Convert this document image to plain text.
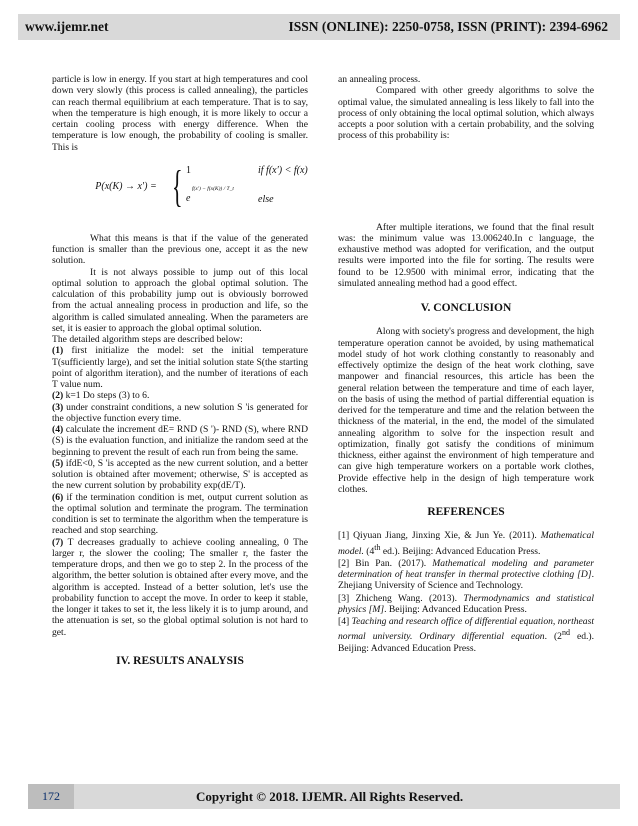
www.ijemr.net	ISSN (ONLINE): 2250-0758, ISSN (PRINT): 2394-6962

particle is low in energy. If you start at high temperatures and cool down very slowly (this process is called annealing), the particles can reach thermal equilibrium at each temperature. That is to say, when the temperature is high enough, it is more likely to occur a certain cooling process with energy difference. When the temperature is low enough, the probability of cooling is smaller. This is

P(x(K) → x′) = { 1	if f(x′) < f(x)
f(x′) − f(x(K)) / T_t
e	else

What this means is that if the value of the generated function is smaller than the previous one, accept it as the new solution.

It is not always possible to jump out of this local optimal solution to approach the global optimal solution. The calculation of this probability jump out is obviously borrowed from the actual annealing process in production and life, so the algorithm is called simulated annealing. When the parameters are set, it is easier to approach the global optimal solution.

The detailed algorithm steps are described below:

(1) first initialize the model: set the initial temperature T(sufficiently large), and set the initial solution state S(the starting point of algorithm iteration), and the number of iterations of each T value num.

(2) k=1 Do steps (3) to 6.

(3) under constraint conditions, a new solution S 'is generated for the objective function every time.

(4) calculate the increment dE= RND (S ')- RND (S), where RND (S) is the evaluation function, and initialize the random seed at the beginning to prevent the result of each run from being the same.

(5) ifdE<0, S 'is accepted as the new current solution, and a better solution is obtained after movement; otherwise, S' is accepted as the new current solution by probability exp(dE/T).

(6) if the termination condition is met, output current solution as the optimal solution and terminate the program. The termination condition is set to terminate the algorithm when the temperature is reached and stop searching.

(7) T decreases gradually to achieve cooling annealing, 0 The larger r, the slower the cooling; The smaller r, the faster the temperature drops, and then we go to step 2. In the process of the algorithm, the better solution is obtained after every move, and the algorithm is accepted. Instead of a better solution, let's use the probability function to accept the move. In order to keep it stable, the longer it takes to set it, the less likely it is to jump around, and the attenuation is set, so the global optimal solution is not hard to get.

IV. RESULTS ANALYSIS

an annealing process.

Compared with other greedy algorithms to solve the optimal value, the simulated annealing is less likely to fall into the process of only obtaining the local optimal solution, which always accepts a poor solution with a certain probability, and the solving process of this probability is:

After multiple iterations, we found that the final result was: the minimum value was 13.006240.In c language, the exhaustive method was adopted for verification, and the output results were imported into the file for sorting. The results were found to be 12.9500 with minimal error, indicating that the simulated annealing method had a good effect.

V. CONCLUSION

Along with society's progress and development, the high temperature operation cannot be avoided, by using mathematical model study of hot work clothing constantly to reasonably and effectively optimize the design of the heat work clothing, save manpower and financial resources, this article has been the general relation between the temperature and time of each layer, on the basis of using the method of partial differential equation is derived for the temperature and time and the relation between the thickness of the material, in the end, the model of the simulated annealing algorithm to solve for the inspection result and optimization, finally got satisfy the conditions of minimum thickness, either against the environment of high temperature and can give high temperature workers on a portable work clothes, Provide effective help in the design of high temperature work clothes.

REFERENCES

[1] Qiyuan Jiang, Jinxing Xie, & Jun Ye. (2011). Mathematical model. (4th ed.). Beijing: Advanced Education Press.

[2] Bin Pan. (2017). Mathematical modeling and parameter determination of heat transfer in thermal protective clothing [D]. Zhejiang University of Science and Technology.

[3] Zhicheng Wang. (2013). Thermodynamics and statistical physics [M]. Beijing: Advanced Education Press.

[4] Teaching and research office of differential equation, northeast normal university. Ordinary differential equation. (2nd ed.). Beijing: Advanced Education Press.

172	Copyright © 2018. IJEMR. All Rights Reserved.
